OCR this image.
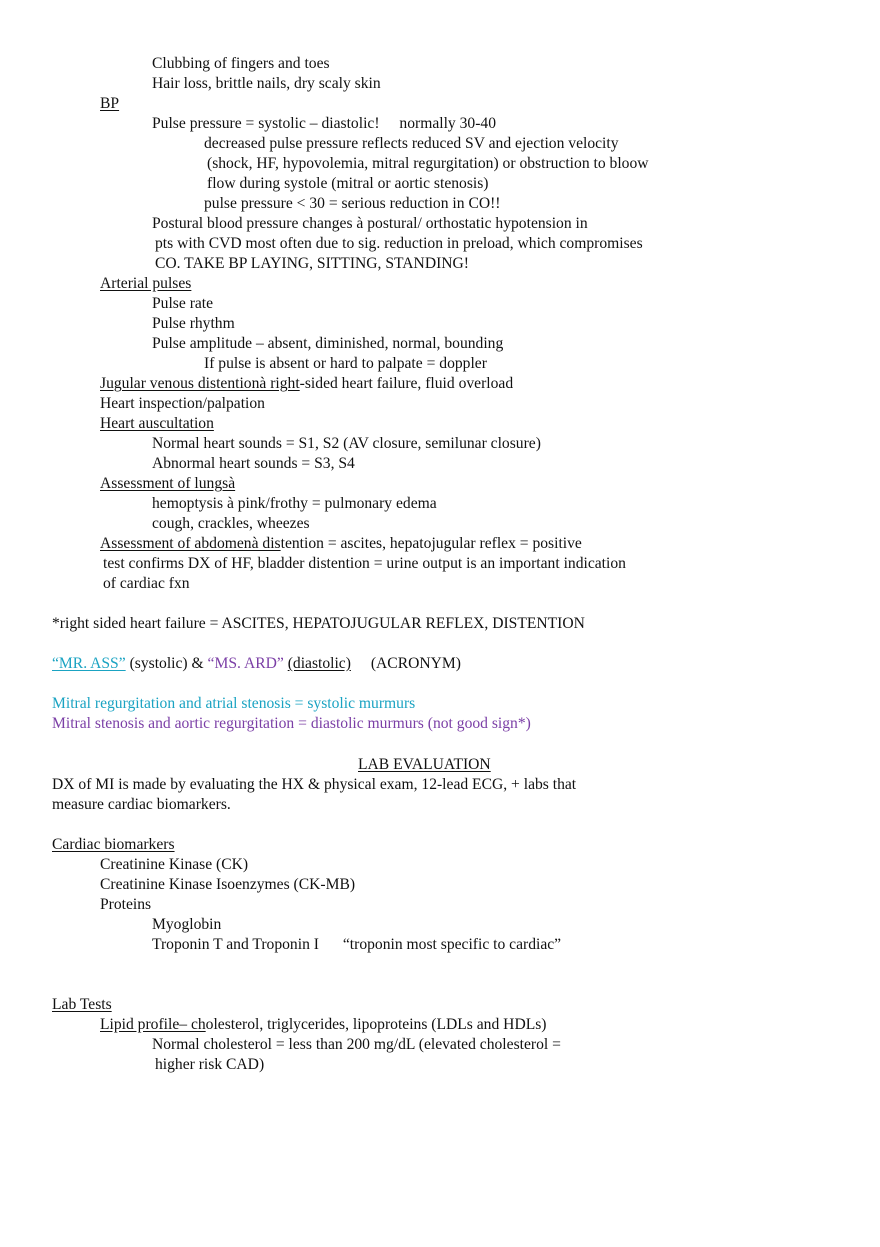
Clubbing of fingers and toes
Hair loss, brittle nails, dry scaly skin
BP
Pulse pressure = systolic – diastolic! normally 30-40
decreased pulse pressure reflects reduced SV and ejection velocity
(shock, HF, hypovolemia, mitral regurgitation) or obstruction to bloow
flow during systole (mitral or aortic stenosis)
pulse pressure < 30 = serious reduction in CO!!
Postural blood pressure changes à postural/ orthostatic hypotension in
pts with CVD most often due to sig. reduction in preload, which compromises
CO. TAKE BP LAYING, SITTING, STANDING!
Arterial pulses
Pulse rate
Pulse rhythm
Pulse amplitude – absent, diminished, normal, bounding
If pulse is absent or hard to palpate = doppler
Jugular venous distentionà right-sided heart failure, fluid overload
Heart inspection/palpation
Heart auscultation
Normal heart sounds = S1, S2 (AV closure, semilunar closure)
Abnormal heart sounds = S3, S4
Assessment of lungsà
hemoptysis à pink/frothy = pulmonary edema
cough, crackles, wheezes
Assessment of abdomenà distention = ascites, hepatojugular reflex = positive
test confirms DX of HF, bladder distention = urine output is an important indication
of cardiac fxn
*right sided heart failure = ASCITES, HEPATOJUGULAR REFLEX, DISTENTION
“MR. ASS” (systolic) & “MS. ARD” (diastolic) (ACRONYM)
Mitral regurgitation and atrial stenosis = systolic murmurs
Mitral stenosis and aortic regurgitation = diastolic murmurs (not good sign*)
LAB EVALUATION
DX of MI is made by evaluating the HX & physical exam, 12-lead ECG, + labs that
measure cardiac biomarkers.
Cardiac biomarkers
Creatinine Kinase (CK)
Creatinine Kinase Isoenzymes (CK-MB)
Proteins
Myoglobin
Troponin T and Troponin I “troponin most specific to cardiac”
Lab Tests
Lipid profile– cholesterol, triglycerides, lipoproteins (LDLs and HDLs)
Normal cholesterol = less than 200 mg/dL (elevated cholesterol =
higher risk CAD)
